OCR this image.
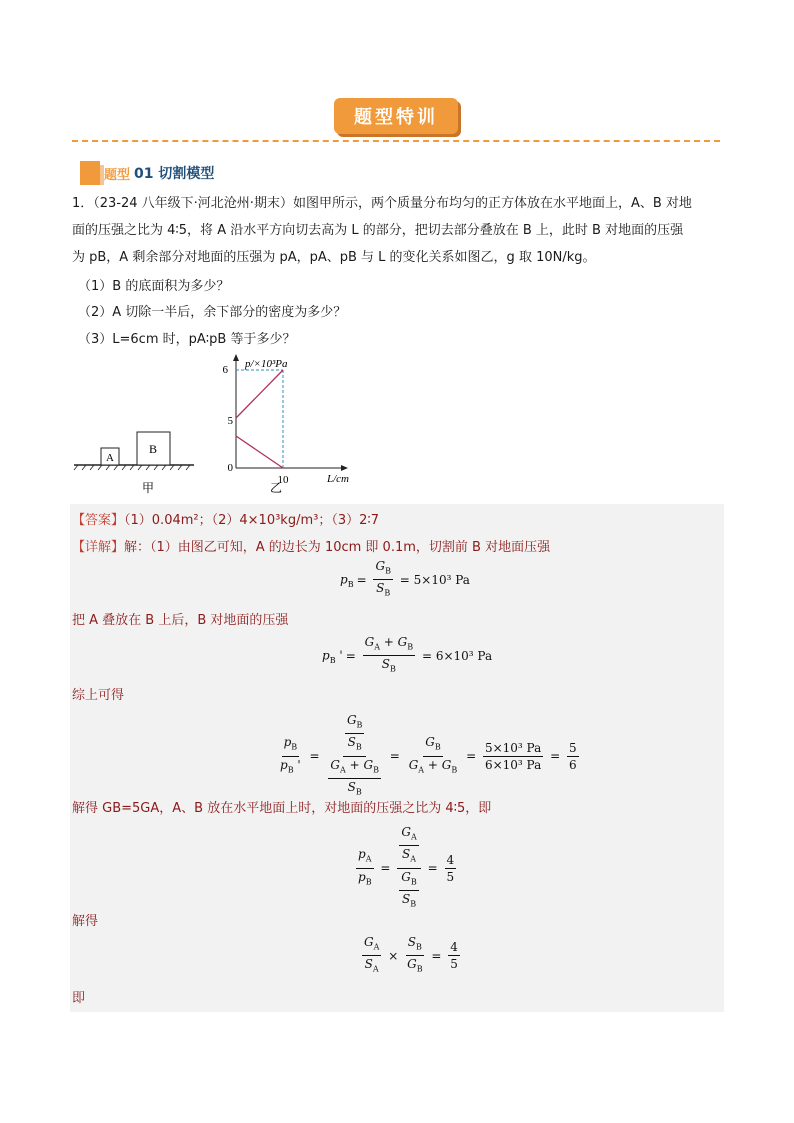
题型特训
题型 01 切割模型
1．（23-24 八年级下·河北沧州·期末）如图甲所示，两个质量分布均匀的正方体放在水平地面上，A、B 对地
面的压强之比为 4∶5，将 A 沿水平方向切去高为 L 的部分，把切去部分叠放在 B 上，此时 B 对地面的压强
为 pB，A 剩余部分对地面的压强为 pA，pA、pB 与 L 的变化关系如图乙，g 取 10N/kg。
（1）B 的底面积为多少？
（2）A 切除一半后，余下部分的密度为多少？
（3）L=6cm 时，pA∶pB 等于多少？
A
B
甲
p/×10³Pa
L/cm
6
5
0
10
乙
【答案】（1）0.04m²；（2）4×10³kg/m³；（3）2∶7
【详解】解：（1）由图乙可知，A 的边长为 10cm 即 0.1m，切割前 B 对地面压强
$p_B = \frac{G_B}{S_B} = 5\times 10^3$ Pa
把 A 叠放在 B 上后，B 对地面的压强
$p_B$ ' = $\frac{G_A + G_B}{S_B} = 6\times 10^3$ Pa
综上可得
$\frac{p_B}{p_B '} = \frac{\frac{G_B}{S_B}}{\frac{G_A + G_B}{S_B}} = \frac{G_B}{G_A + G_B} = \frac{\text{5×10³ Pa}}{\text{6×10³ Pa}} = \frac{5}{6}$
解得 GB=5GA，A、B 放在水平地面上时，对地面的压强之比为 4∶5，即
$\frac{p_A}{p_B} = \frac{\frac{G_A}{S_A}}{\frac{G_B}{S_B}} = \frac{4}{5}$
解得
$\frac{G_A}{S_A} \times \frac{S_B}{G_B} = \frac{4}{5}$
即
